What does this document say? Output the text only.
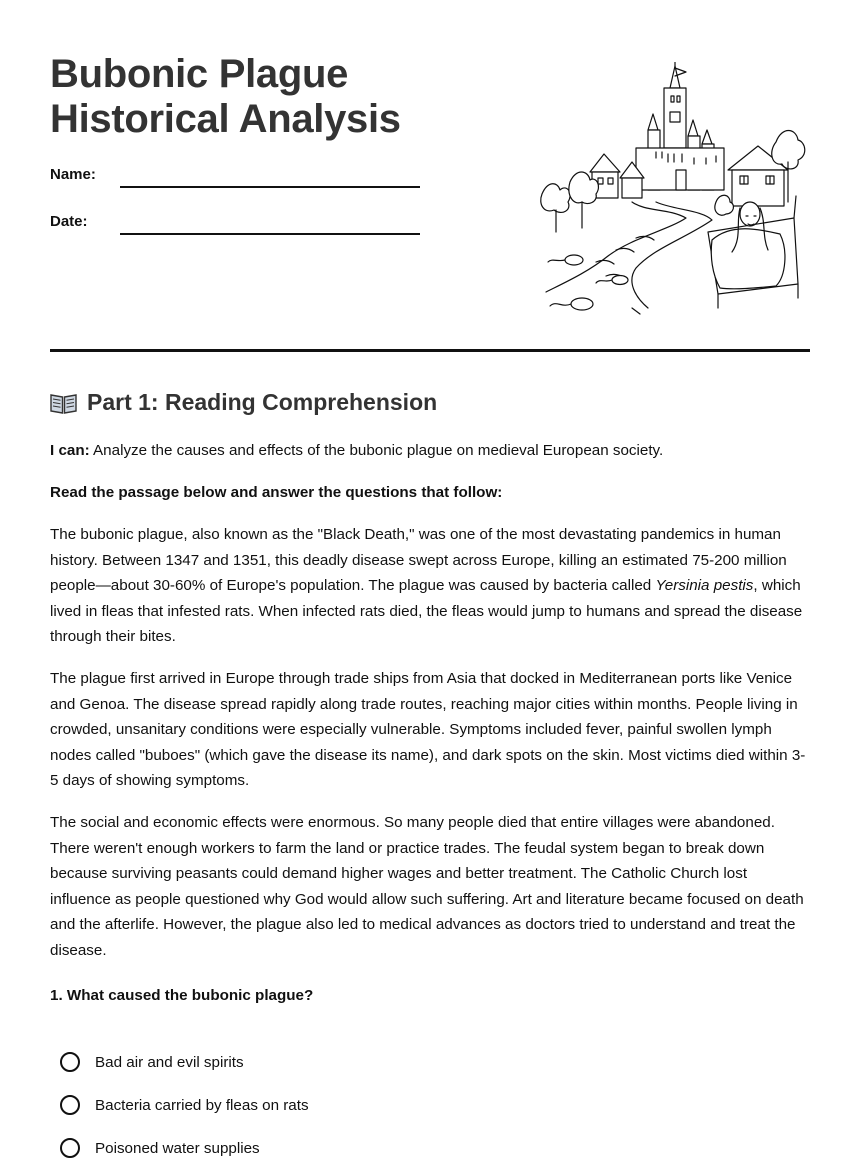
Bubonic Plague
Historical Analysis
Name:
Date:
Part 1: Reading Comprehension
I can: Analyze the causes and effects of the bubonic plague on medieval European society.
Read the passage below and answer the questions that follow:
The bubonic plague, also known as the "Black Death," was one of the most devastating pandemics in human history. Between 1347 and 1351, this deadly disease swept across Europe, killing an estimated 75-200 million people—about 30-60% of Europe's population. The plague was caused by bacteria called Yersinia pestis, which lived in fleas that infested rats. When infected rats died, the fleas would jump to humans and spread the disease through their bites.
The plague first arrived in Europe through trade ships from Asia that docked in Mediterranean ports like Venice and Genoa. The disease spread rapidly along trade routes, reaching major cities within months. People living in crowded, unsanitary conditions were especially vulnerable. Symptoms included fever, painful swollen lymph nodes called "buboes" (which gave the disease its name), and dark spots on the skin. Most victims died within 3-5 days of showing symptoms.
The social and economic effects were enormous. So many people died that entire villages were abandoned. There weren't enough workers to farm the land or practice trades. The feudal system began to break down because surviving peasants could demand higher wages and better treatment. The Catholic Church lost influence as people questioned why God would allow such suffering. Art and literature became focused on death and the afterlife. However, the plague also led to medical advances as doctors tried to understand and treat the disease.
1. What caused the bubonic plague?
Bad air and evil spirits
Bacteria carried by fleas on rats
Poisoned water supplies
